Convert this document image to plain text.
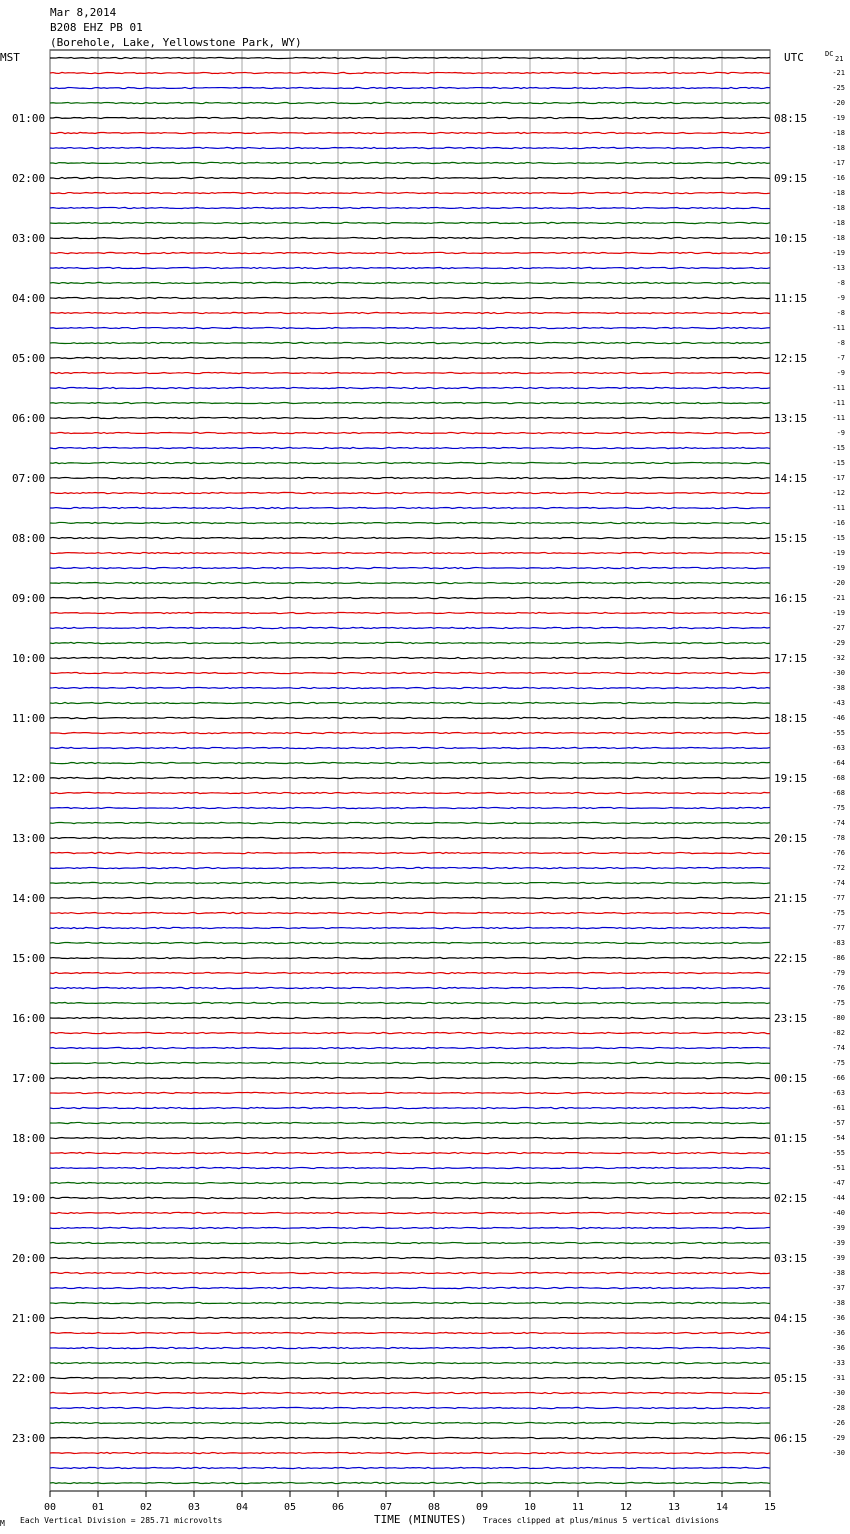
Mar 8,2014
B208 EHZ PB 01
(Borehole, Lake, Yellowstone Park, WY)
MST	UTC	DC
21
01:00
02:00
03:00
04:00
05:00
06:00
07:00
08:00
09:00
10:00
11:00
12:00
13:00
14:00
15:00
16:00
17:00
18:00
19:00
20:00
21:00
22:00
23:00
08:15
09:15
10:15
11:15
12:15
13:15
14:15
15:15
16:15
17:15
18:15
19:15
20:15
21:15
22:15
23:15
00:15
01:15
02:15
03:15
04:15
05:15
06:15
-21
-25
-20
-19
-18
-18
-17
-16
-18
-18
-18
-18
-19
-13
-8
-9
-8
-11
-8
-7
-9
-11
-11
-11
-9
-15
-15
-17
-12
-11
-16
-15
-19
-19
-20
-21
-19
-27
-29
-32
-30
-38
-43
-46
-55
-63
-64
-68
-68
-75
-74
-78
-76
-72
-74
-77
-75
-77
-83
-86
-79
-76
-75
-80
-82
-74
-75
-66
-63
-61
-57
-54
-55
-51
-47
-44
-40
-39
-39
-39
-38
-37
-38
-36
-36
-36
-33
-31
-30
-28
-26
-29
-30
00	01	02	03	04	05	06	07	08	09	10	11	12	13	14	15
M Each Vertical Division = 285.71 microvolts	TIME (MINUTES) Traces clipped at plus/minus 5 vertical divisions
